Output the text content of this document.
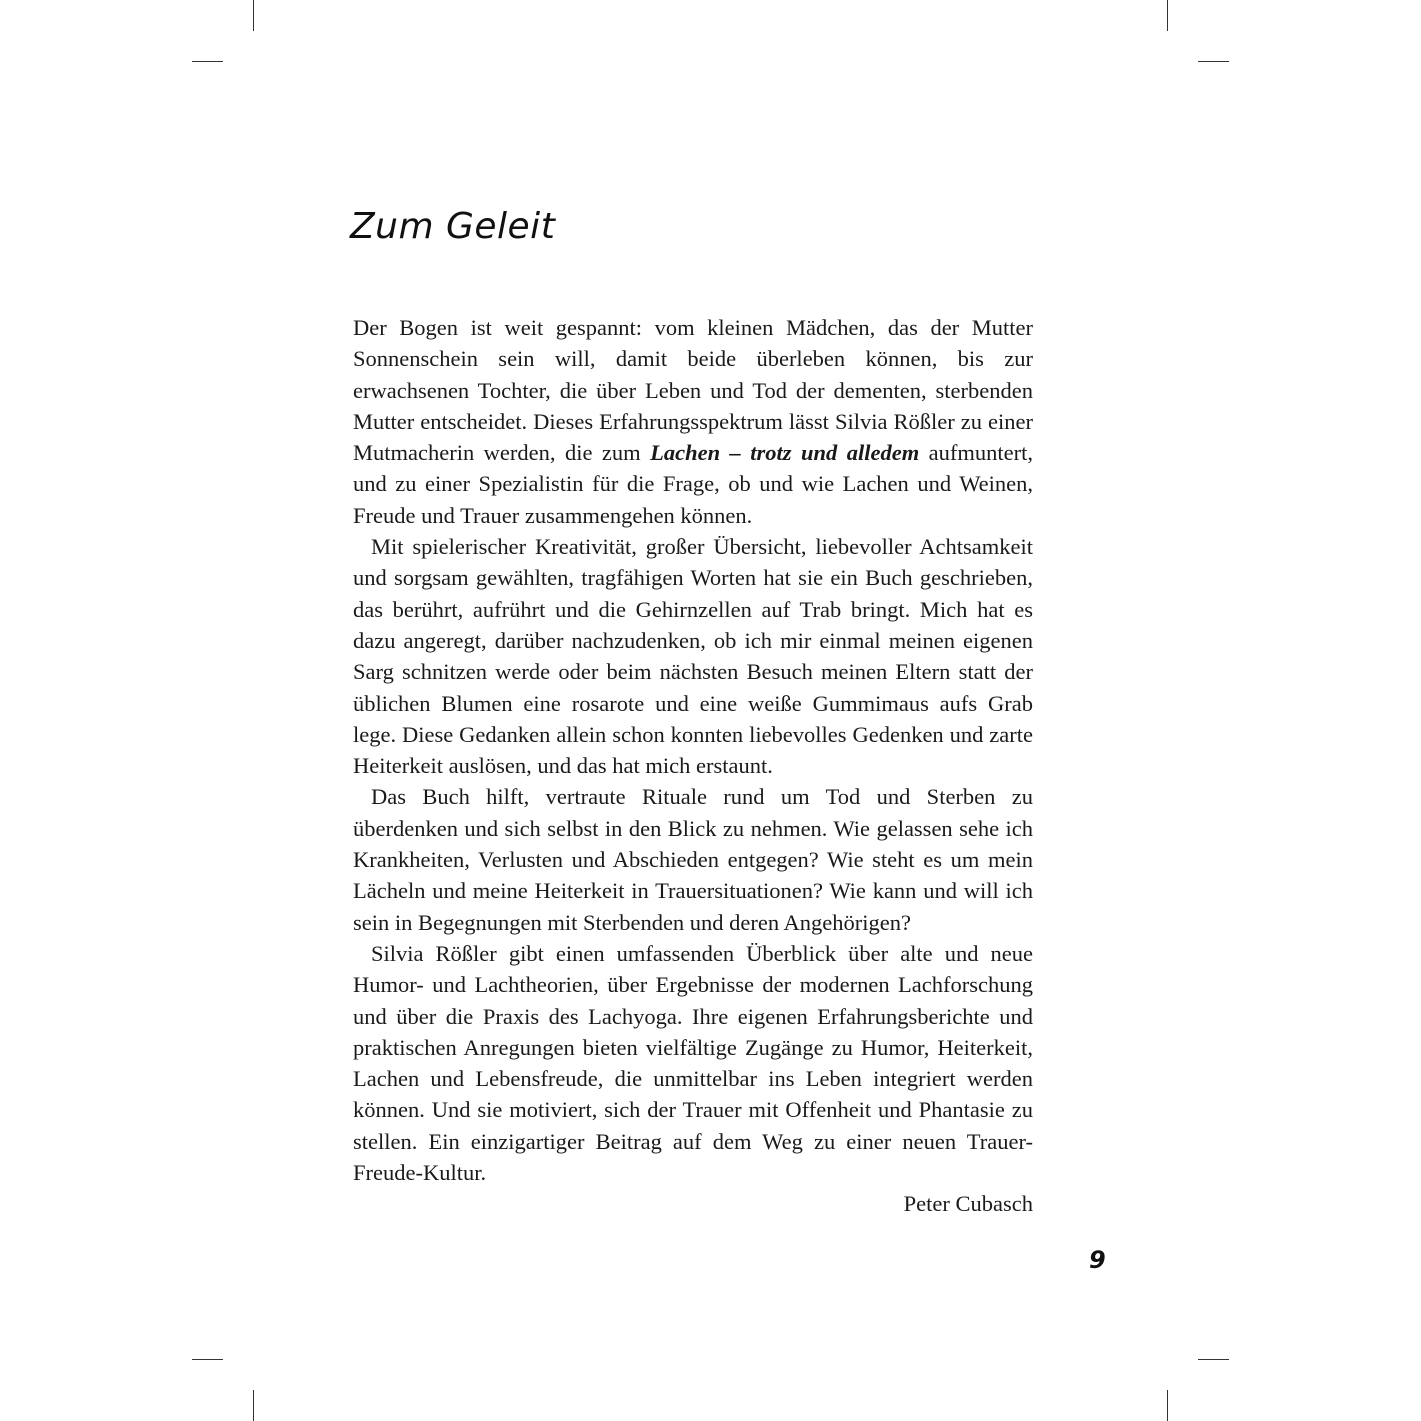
Zum Geleit

Der Bogen ist weit gespannt: vom kleinen Mädchen, das der Mutter Sonnenschein sein will, damit beide überleben können, bis zur erwachsenen Tochter, die über Leben und Tod der dementen, sterbenden Mutter entscheidet. Dieses Erfahrungsspektrum lässt Silvia Rößler zu einer Mutmacherin werden, die zum Lachen – trotz und alledem aufmuntert, und zu einer Spezialistin für die Frage, ob und wie Lachen und Weinen, Freude und Trauer zusammengehen können.

Mit spielerischer Kreativität, großer Übersicht, liebevoller Achtsamkeit und sorgsam gewählten, tragfähigen Worten hat sie ein Buch geschrieben, das berührt, aufrührt und die Gehirnzellen auf Trab bringt. Mich hat es dazu angeregt, darüber nachzudenken, ob ich mir einmal meinen eigenen Sarg schnitzen werde oder beim nächsten Besuch meinen Eltern statt der üblichen Blumen eine rosarote und eine weiße Gummimaus aufs Grab lege. Diese Gedanken allein schon konnten liebevolles Gedenken und zarte Heiterkeit auslösen, und das hat mich erstaunt.

Das Buch hilft, vertraute Rituale rund um Tod und Sterben zu überdenken und sich selbst in den Blick zu nehmen. Wie gelassen sehe ich Krankheiten, Verlusten und Abschieden entgegen? Wie steht es um mein Lächeln und meine Heiterkeit in Trauersituationen? Wie kann und will ich sein in Begegnungen mit Sterbenden und deren Angehörigen?

Silvia Rößler gibt einen umfassenden Überblick über alte und neue Humor- und Lachtheorien, über Ergebnisse der modernen Lachforschung und über die Praxis des Lachyoga. Ihre eigenen Erfahrungsberichte und praktischen Anregungen bieten vielfältige Zugänge zu Humor, Heiterkeit, Lachen und Lebensfreude, die unmittelbar ins Leben integriert werden können. Und sie motiviert, sich der Trauer mit Offenheit und Phantasie zu stellen. Ein einzigartiger Beitrag auf dem Weg zu einer neuen Trauer-Freude-Kultur.

Peter Cubasch

9
